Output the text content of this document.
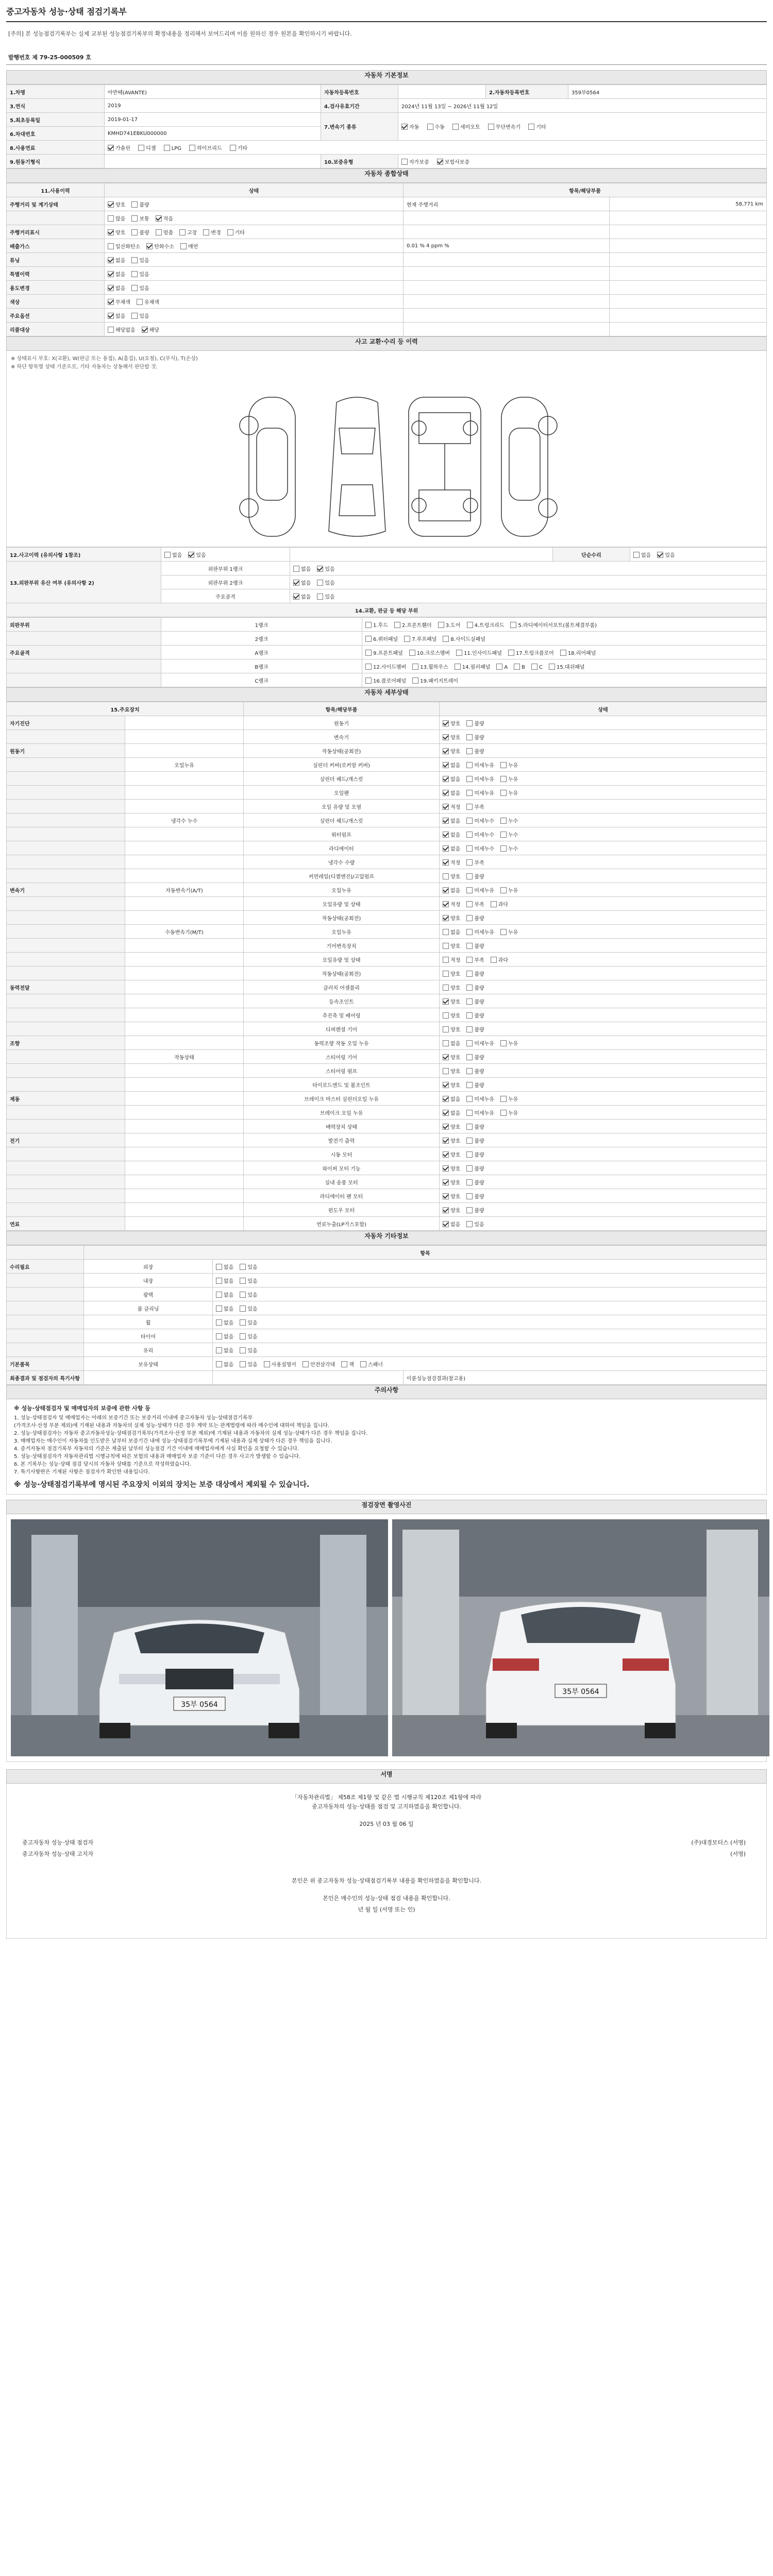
중고자동차 성능·상태 점검기록부
[주의] 본 성능점검기록부는 실제 교부된 성능점검기록부의 확정내용을 정리해서 보여드리며 이를 원하신 경우 원본을 확인하시기 바랍니다.
발행번호 제 79-25-000509 호
자동차 기본정보
1.차명	아반떼(AVANTE)	자동차등록번호		2.자동차등록번호	359부0564
3.연식	2019	4.검사유효기간	2024년 11월 13일 ~ 2026년 11월 12일		
5.최초등록일	2019-01-17	7.변속기 종류	자동 수동 세미오토 무단변속기 기타		
6.차대번호	KMHD741EBKU000000				
8.사용연료	가솔린 디젤 LPG 하이브리드 기타				
9.원동기형식		10.보증유형	자가보증 보험사보증		
자동차 종합상태
11.사용이력	상태	항목/해당부품	
주행거리 및 계기상태	양호 불량	현재 주행거리	58,771 km
	많음 보통 적음		
주행거리표시	양호 불량 멈춤 고장 변경 기타		
배출가스	일산화탄소 탄화수소 매연	0.01 % 4 ppm %	
튜닝	없음 있음		
특별이력	없음 있음		
용도변경	없음 있음		
색상	무채색 유채색		
주요옵션	없음 있음		
리콜대상	해당없음 해당		
사고 교환·수리 등 이력
※ 상태표시 부호: X(교환), W(판금 또는 용접), A(흠집), U(요철), C(부식), T(손상)
※ 하단 항목별 상태 기준으로, 기타 자동차는 상동해서 판단할 것.
12.사고이력 (유의사항 1참조)	없음 있음		단순수리	없음 있음
13.외판부위 유산 여부 (유의사항 2)	외판부위 1랭크	없음 있음		
	외판부위 2랭크	없음 있음		
	주요골격	없음 있음		
14.교환, 판금 등 해당 부위				
외판부위	1랭크	1.후드 2.프론트휀더 3.도어 4.트렁크리드 5.라디에이터서포트(볼트체결부품)
	2랭크	6.쿼터패널 7.루프패널 8.사이드실패널
주요골격	A랭크	9.프론트패널 10.크로스멤버 11.인사이드패널 17.트렁크플로어 18.리어패널
	B랭크	12.사이드멤버 13.휠하우스 14.필러패널 A B C 15.대쉬패널
	C랭크	16.플로어패널 19.패키지트레이
자동차 세부상태
15.주요장치		항목/해당부품	상태
자기진단		원동기	양호 불량
		변속기	양호 불량
원동기		작동상태(공회전)	양호 불량
	오일누유	실린더 커버(로커암 커버)	없음 미세누유 누유
		실린더 헤드/개스킷	없음 미세누유 누유
		오일팬	없음 미세누유 누유
		오일 유량 및 오염	적정 부족
	냉각수 누수	실린더 헤드/개스킷	없음 미세누수 누수
		워터펌프	없음 미세누수 누수
		라디에이터	없음 미세누수 누수
		냉각수 수량	적정 부족
		커먼레일(디젤엔진)/고압펌프	양호 불량
변속기	자동변속기(A/T)	오일누유	없음 미세누유 누유
		오일유량 및 상태	적정 부족 과다
		작동상태(공회전)	양호 불량
	수동변속기(M/T)	오일누유	없음 미세누유 누유
		기어변속장치	양호 불량
		오일유량 및 상태	적정 부족 과다
		작동상태(공회전)	양호 불량
동력전달		클러치 어셈블리	양호 불량
		등속조인트	양호 불량
		추진축 및 베어링	양호 불량
		디퍼렌셜 기어	양호 불량
조향		동력조향 작동 오일 누유	없음 미세누유 누유
	작동상태	스티어링 기어	양호 불량
		스티어링 펌프	양호 불량
		타이로드엔드 및 볼조인트	양호 불량
제동		브레이크 마스터 실린더오일 누유	없음 미세누유 누유
		브레이크 오일 누유	없음 미세누유 누유
		배력장치 상태	양호 불량
전기		발전기 출력	양호 불량
		시동 모터	양호 불량
		와이퍼 모터 기능	양호 불량
		실내 송풍 모터	양호 불량
		라디에이터 팬 모터	양호 불량
		윈도우 모터	양호 불량
연료		연료누출(LP가스포함)	없음 있음
자동차 기타정보
	항목		
수리필요	외장	없음 있음	
	내장	없음 있음	
	광택	없음 있음	
	룸 클리닝	없음 있음	
	휠	없음 있음	
	타이어	없음 있음	
	유리	없음 있음	
기본품목	보유상태	없음 있음 사용설명서 안전삼각대 잭 스패너	
최종결과 및 점검자의 특기사항			이륜성능점검결과(참고용)
주의사항
※ 성능·상태점검자 및 매매업자의 보증에 관한 사항 등
1. 성능·상태점검자 및 매매업자는 아래의 보증기간 또는 보증거리 이내에 중고자동차 성능·상태점검기록부
(가격조사·산정 부분 제외)에 기재된 내용과 자동차의 실제 성능·상태가 다른 경우 계약 또는 관계법령에 따라 매수인에 대하여 책임을 집니다.
2. 성능·상태점검자는 자동차 중고자동차성능·상태점검기록부(가격조사·산정 부분 제외)에 기재된 내용과 자동차의 실제 성능·상태가 다른 경우 책임을 집니다.
3. 매매업자는 매수인이 자동차를 인도받은 날부터 보증기간 내에 성능·상태점검기록부에 기재된 내용과 실제 상태가 다른 경우 책임을 집니다.
4. 증거자동차 점검기록부 자동차의 기준은 제출된 날부터 성능점검 기간 이내에 매매업자에게 사실 확인을 요청할 수 있습니다.
5. 성능·상태점검자가 자동차관리법 시행규칙에 따른 보험의 내용과 매매업자 보증 기준이 다른 경우 사고가 발생할 수 있습니다.
6. 본 기록부는 성능·상태 점검 당시의 자동차 상태를 기준으로 작성하였습니다.
7. 특기사항란은 기재된 사항은 점검자가 확인한 내용입니다.
※ 성능·상태점검기록부에 명시된 주요장치 이외의 장치는 보증 대상에서 제외될 수 있습니다.
점검장면 촬영사진
35부 0564
35부 0564
서명
「자동차관리법」 제58조 제1항 및 같은 법 시행규칙 제120조 제1항에 따라
중고자동차의 성능·상태를 점검 및 고지하였음을 확인합니다.
2025 년 03 월 06 일
중고자동차 성능·상태 점검자	(주)대경모터스 (서명)
중고자동차 성능·상태 고지자	(서명)
본인은 위 중고자동차 성능·상태점검기록부 내용을 확인하였음을 확인합니다.
본인은 매수인의 성능·상태 점검 내용을 확인합니다.
년 월 일 (서명 또는 인)
